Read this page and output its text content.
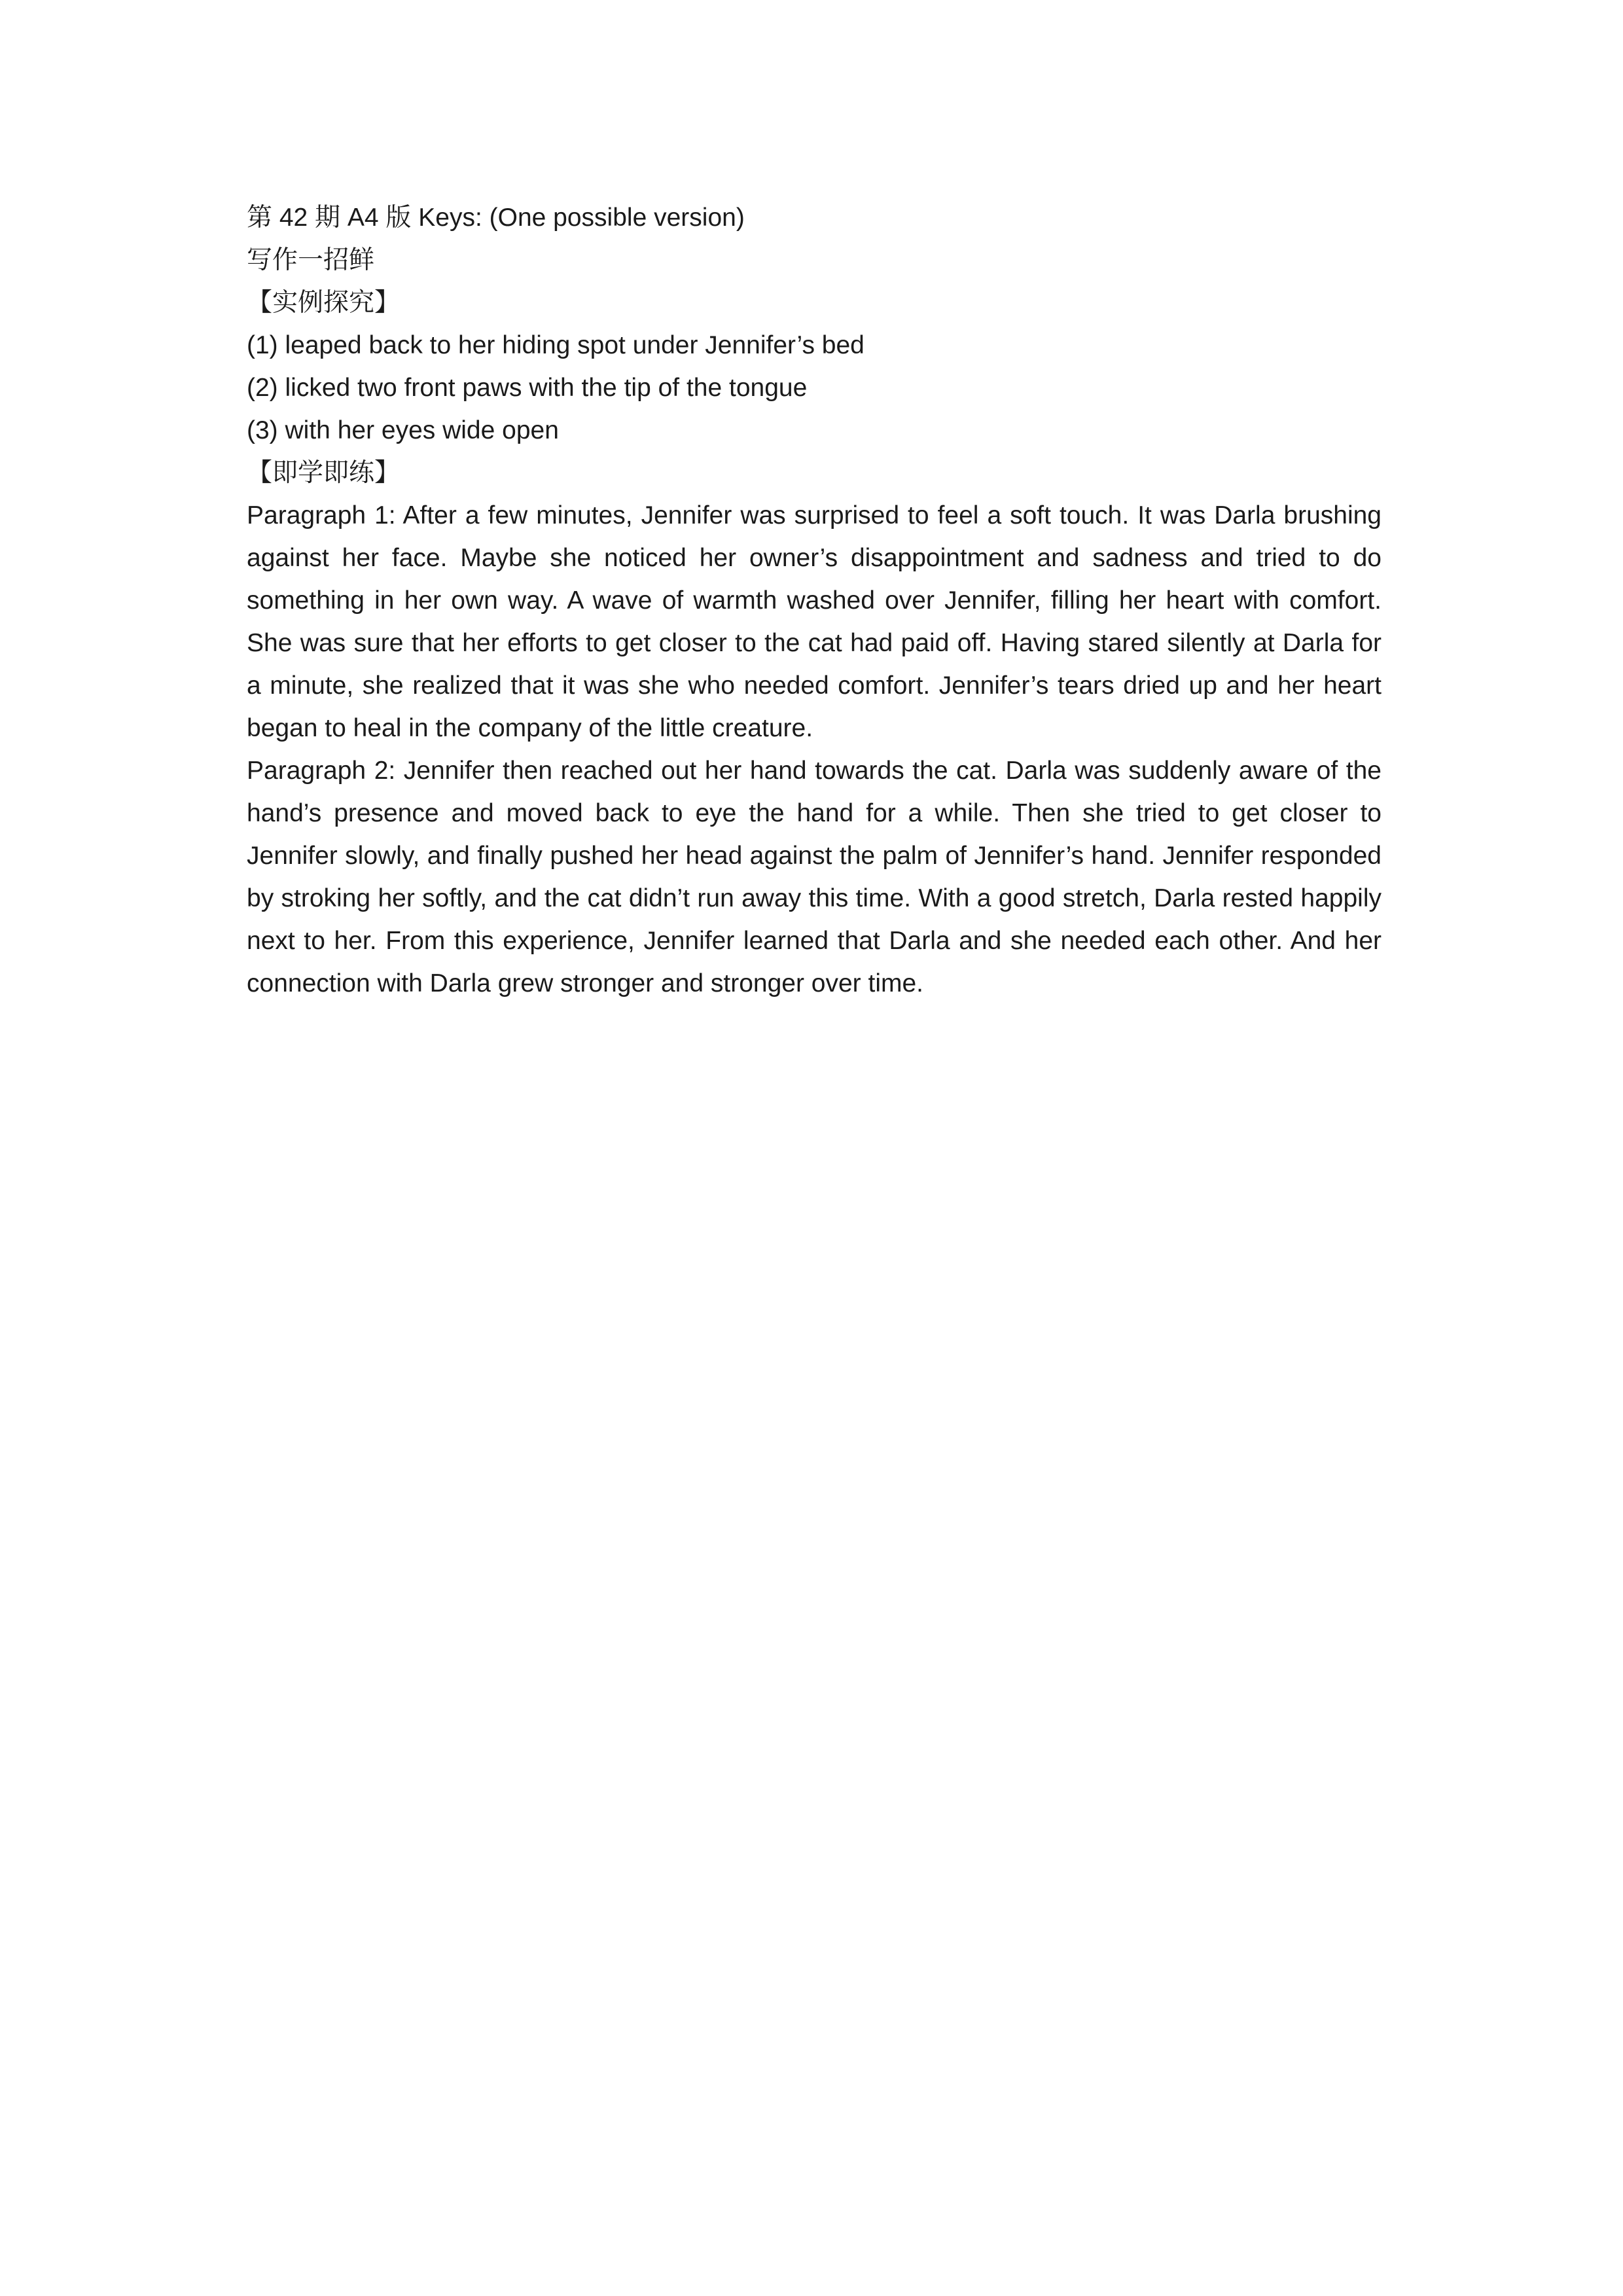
第 42 期 A4 版 Keys: (One possible version)
写作一招鲜
【实例探究】
(1) leaped back to her hiding spot under Jennifer’s bed
(2) licked two front paws with the tip of the tongue
(3) with her eyes wide open
【即学即练】
Paragraph 1: After a few minutes, Jennifer was surprised to feel a soft touch. It was Darla brushing against her face. Maybe she noticed her owner’s disappointment and sadness and tried to do something in her own way. A wave of warmth washed over Jennifer, filling her heart with comfort. She was sure that her efforts to get closer to the cat had paid off. Having stared silently at Darla for a minute, she realized that it was she who needed comfort. Jennifer’s tears dried up and her heart began to heal in the company of the little creature.
Paragraph 2: Jennifer then reached out her hand towards the cat. Darla was suddenly aware of the hand’s presence and moved back to eye the hand for a while. Then she tried to get closer to Jennifer slowly, and finally pushed her head against the palm of Jennifer’s hand. Jennifer responded by stroking her softly, and the cat didn’t run away this time. With a good stretch, Darla rested happily next to her. From this experience, Jennifer learned that Darla and she needed each other. And her connection with Darla grew stronger and stronger over time.
